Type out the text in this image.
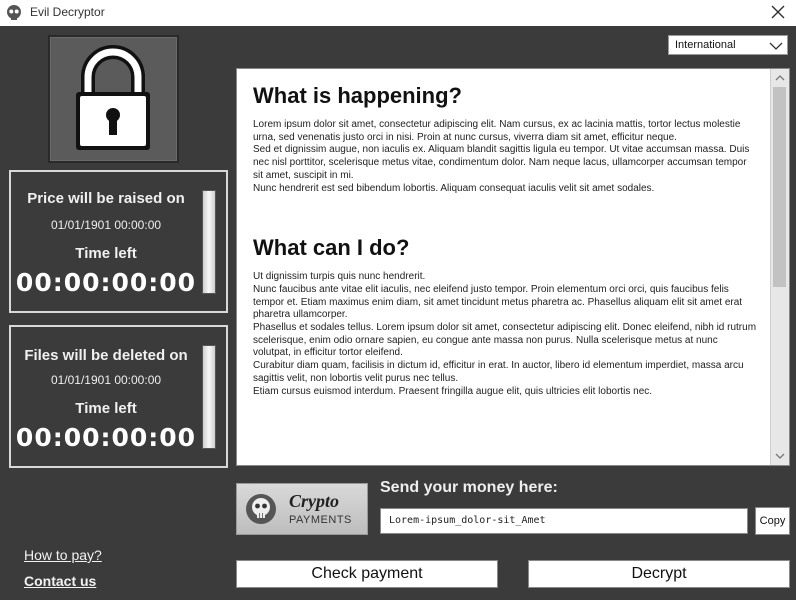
Evil Decryptor
Price will be raised on
01/01/1901 00:00:00
Time left
00:00:00:00
Files will be deleted on
01/01/1901 00:00:00
Time left
00:00:00:00
International
What is happening?

Lorem ipsum dolor sit amet, consectetur adipiscing elit. Nam cursus, ex ac lacinia mattis, tortor lectus molestie urna, sed venenatis justo orci in nisi. Proin at nunc cursus, viverra diam sit amet, efficitur neque.

Sed et dignissim augue, non iaculis ex. Aliquam blandit sagittis ligula eu tempor. Ut vitae accumsan massa. Duis nec nisl porttitor, scelerisque metus vitae, condimentum dolor. Nam neque lacus, ullamcorper accumsan tempor sit amet, suscipit in mi.

Nunc hendrerit est sed bibendum lobortis. Aliquam consequat iaculis velit sit amet sodales.

What can I do?

Ut dignissim turpis quis nunc hendrerit.

Nunc faucibus ante vitae elit iaculis, nec eleifend justo tempor. Proin elementum orci orci, quis faucibus felis tempor et. Etiam maximus enim diam, sit amet tincidunt metus pharetra ac. Phasellus aliquam elit sit amet erat pharetra ullamcorper.

Phasellus et sodales tellus. Lorem ipsum dolor sit amet, consectetur adipiscing elit. Donec eleifend, nibh id rutrum scelerisque, enim odio ornare sapien, eu congue ante massa non purus. Nulla scelerisque metus at nunc volutpat, in efficitur tortor eleifend.

Curabitur diam quam, facilisis in dictum id, efficitur in erat. In auctor, libero id elementum imperdiet, massa arcu sagittis velit, non lobortis velit purus nec tellus.

Etiam cursus euismod interdum. Praesent fringilla augue elit, quis ultricies elit lobortis nec.

Crypto
PAYMENTS
Send your money here:
Lorem-ipsum_dolor-sit_Amet	Copy
How to pay?
Contact us	Check payment	Decrypt
